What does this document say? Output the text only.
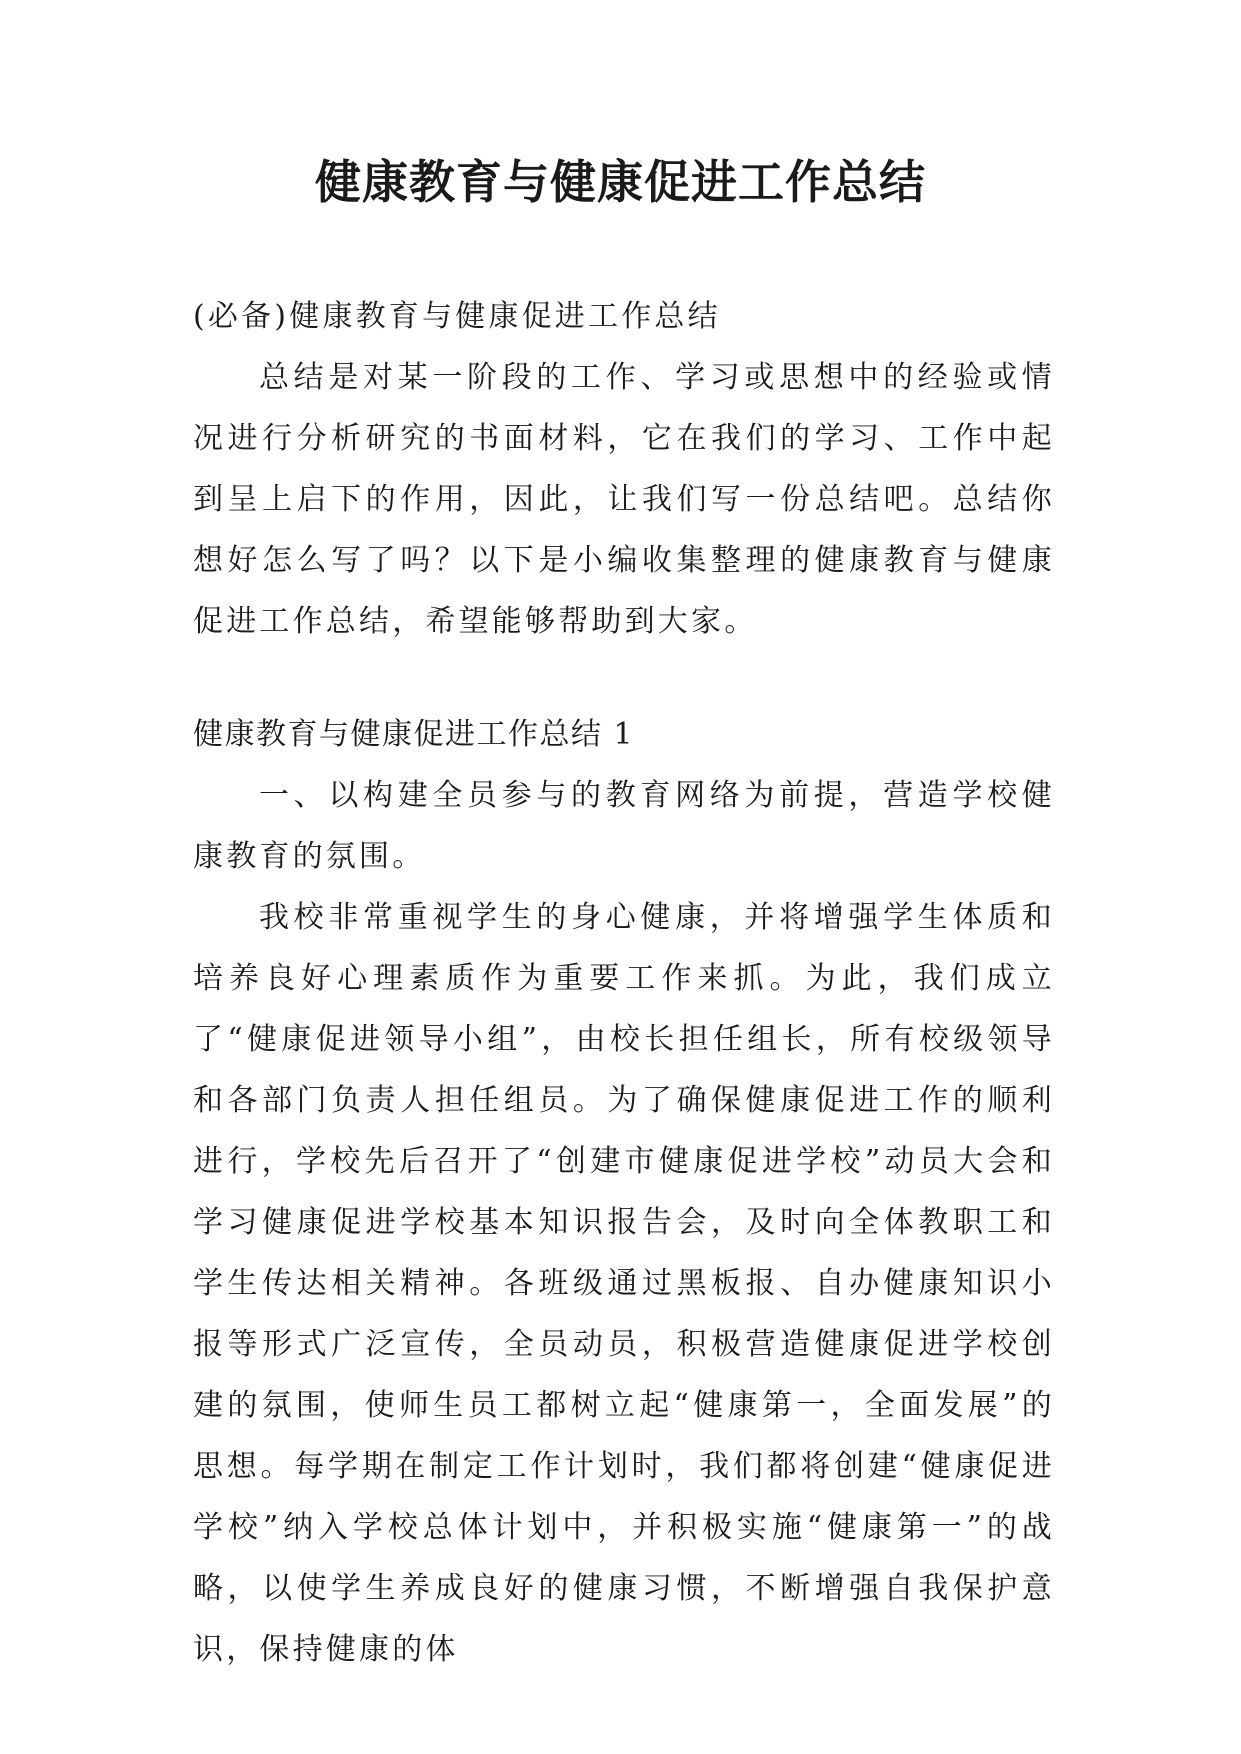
健康教育与健康促进工作总结

(必备)健康教育与健康促进工作总结

总结是对某一阶段的工作、学习或思想中的经验或情况进行分析研究的书面材料，它在我们的学习、工作中起到呈上启下的作用，因此，让我们写一份总结吧。总结你想好怎么写了吗？以下是小编收集整理的健康教育与健康促进工作总结，希望能够帮助到大家。

健康教育与健康促进工作总结 1

一、以构建全员参与的教育网络为前提，营造学校健康教育的氛围。

我校非常重视学生的身心健康，并将增强学生体质和培养良好心理素质作为重要工作来抓。为此，我们成立了“健康促进领导小组”，由校长担任组长，所有校级领导和各部门负责人担任组员。为了确保健康促进工作的顺利进行，学校先后召开了“创建市健康促进学校”动员大会和学习健康促进学校基本知识报告会，及时向全体教职工和学生传达相关精神。各班级通过黑板报、自办健康知识小报等形式广泛宣传，全员动员，积极营造健康促进学校创建的氛围，使师生员工都树立起“健康第一，全面发展”的思想。每学期在制定工作计划时，我们都将创建“健康促进学校”纳入学校总体计划中，并积极实施“健康第一”的战略，以使学生养成良好的健康习惯，不断增强自我保护意识，保持健康的体
